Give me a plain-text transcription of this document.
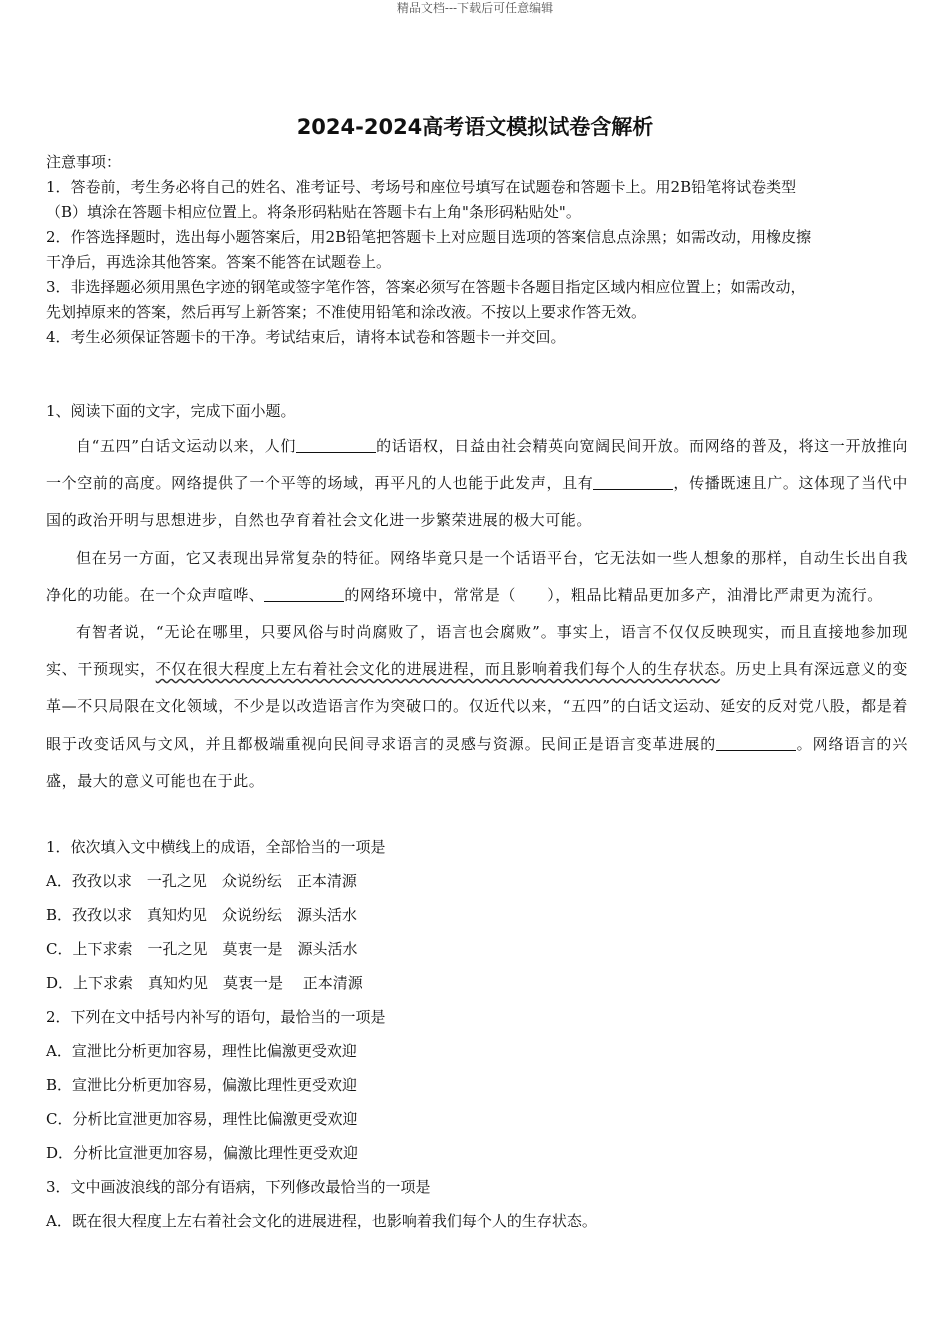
精品文档---下载后可任意编辑
2024-2024高考语文模拟试卷含解析
注意事项：
1．答卷前，考生务必将自己的姓名、准考证号、考场号和座位号填写在试题卷和答题卡上。用2B铅笔将试卷类型
（B）填涂在答题卡相应位置上。将条形码粘贴在答题卡右上角"条形码粘贴处"。
2．作答选择题时，选出每小题答案后，用2B铅笔把答题卡上对应题目选项的答案信息点涂黑；如需改动，用橡皮擦
干净后，再选涂其他答案。答案不能答在试题卷上。
3．非选择题必须用黑色字迹的钢笔或签字笔作答，答案必须写在答题卡各题目指定区域内相应位置上；如需改动，
先划掉原来的答案，然后再写上新答案；不准使用铅笔和涂改液。不按以上要求作答无效。
4．考生必须保证答题卡的干净。考试结束后，请将本试卷和答题卡一并交回。
1、阅读下面的文字，完成下面小题。

自“五四”白话文运动以来，人们	的话语权，日益由社会精英向宽阔民间开放。而网络的普及，将这一开放推向一个空前的高度。网络提供了一个平等的场域，再平凡的人也能于此发声，且有	，传播既速且广。这体现了当代中国的政治开明与思想进步，自然也孕育着社会文化进一步繁荣进展的极大可能。

但在另一方面，它又表现出异常复杂的特征。网络毕竟只是一个话语平台，它无法如一些人想象的那样，自动生长出自我净化的功能。在一个众声喧哗、	的网络环境中，常常是（　　），粗品比精品更加多产，油滑比严肃更为流行。

有智者说，“无论在哪里，只要风俗与时尚腐败了，语言也会腐败”。事实上，语言不仅仅反映现实，而且直接地参加现实、干预现实，不仅在很大程度上左右着社会文化的进展进程，而且影响着我们每个人的生存状态。历史上具有深远意义的变革—不只局限在文化领域，不少是以改造语言作为突破口的。仅近代以来，“五四”的白话文运动、延安的反对党八股，都是着眼于改变话风与文风，并且都极端重视向民间寻求语言的灵感与资源。民间正是语言变革进展的	。网络语言的兴盛，最大的意义可能也在于此。

1．依次填入文中横线上的成语，全部恰当的一项是
A．孜孜以求　一孔之见　众说纷纭　正本清源
B．孜孜以求　真知灼见　众说纷纭　源头活水
C．上下求索　一孔之见　莫衷一是　源头活水
D．上下求索　真知灼见　莫衷一是　 正本清源
2．下列在文中括号内补写的语句，最恰当的一项是
A．宣泄比分析更加容易，理性比偏激更受欢迎
B．宣泄比分析更加容易，偏激比理性更受欢迎
C．分析比宣泄更加容易，理性比偏激更受欢迎
D．分析比宣泄更加容易，偏激比理性更受欢迎
3．文中画波浪线的部分有语病，下列修改最恰当的一项是
A．既在很大程度上左右着社会文化的进展进程，也影响着我们每个人的生存状态。
